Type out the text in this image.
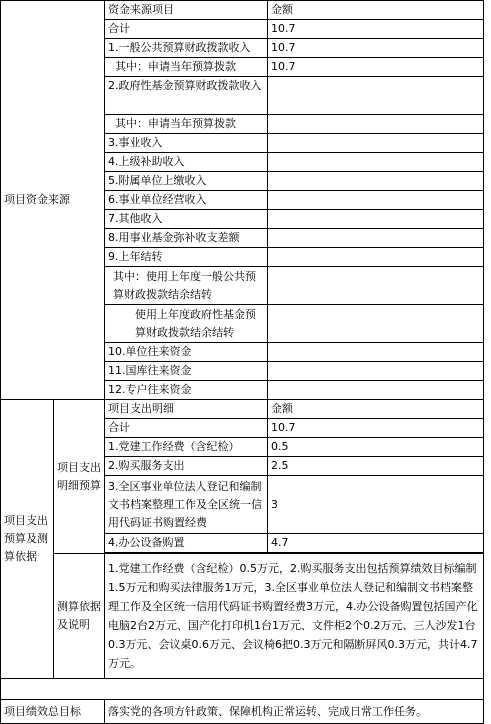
项目资金来源		资金来源项目	金额
		合计	10.7
		1.一般公共预算财政拨款收入	10.7
		其中：申请当年预算拨款	10.7
		2.政府性基金预算财政拨款收入	
		其中：申请当年预算拨款	
		3.事业收入	
		4.上级补助收入	
		5.附属单位上缴收入	
		6.事业单位经营收入	
		7.其他收入	
		8.用事业基金弥补收支差额	
		9.上年结转	
		其中：使用上年度一般公共预算财政拨款结余结转	
		使用上年度政府性基金预算财政拨款结余结转	
		10.单位往来资金	
		11.国库往来资金	
		12.专户往来资金	
项目支出预算及测算依据	项目支出明细预算	项目支出明细	金额
		合计	10.7
		1.党建工作经费（含纪检）	0.5
		2.购买服务支出	2.5
		3.全区事业单位法人登记和编制文书档案整理工作及全区统一信用代码证书购置经费	3
		4.办公设备购置	4.7

	测算依据及说明	1.党建工作经费（含纪检）0.5万元，2.购买服务支出包括预算绩效目标编制1.5万元和购买法律服务1万元，3.全区事业单位法人登记和编制文书档案整理工作及全区统一信用代码证书购置经费3万元，4.办公设备购置包括国产化电脑2台2万元、国产化打印机1台1万元、文件柜2个0.2万元、三人沙发1台0.3万元、会议桌0.6万元、会议椅6把0.3万元和隔断屏风0.3万元，共计4.7万元。	

项目绩效总目标		落实党的各项方针政策、保障机构正常运转、完成日常工作任务。	
